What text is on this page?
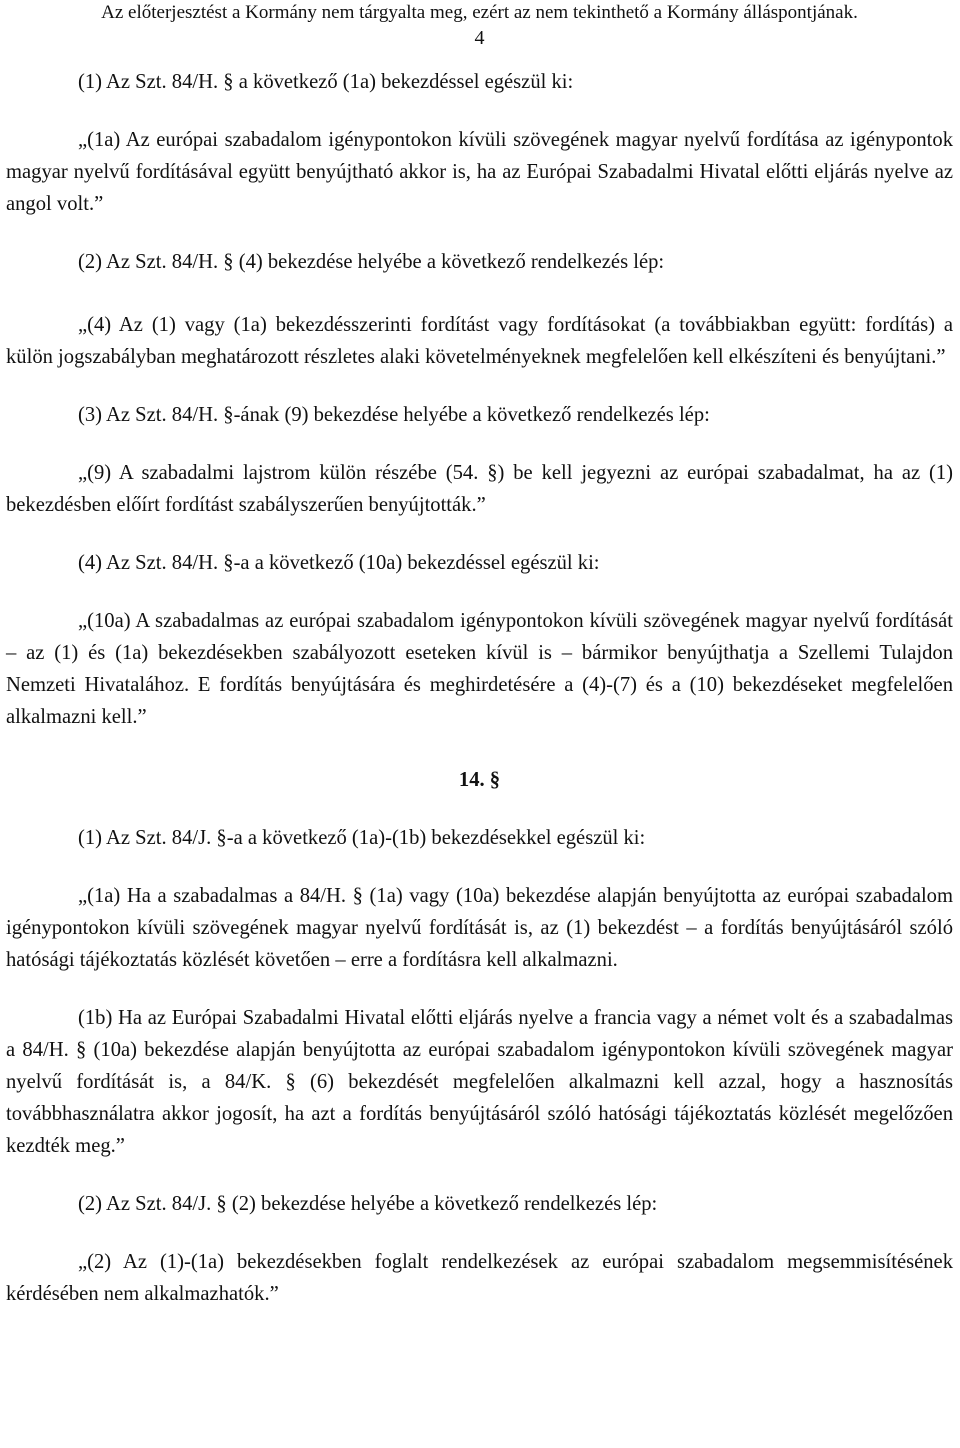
Az előterjesztést a Kormány nem tárgyalta meg, ezért az nem tekinthető a Kormány álláspontjának.
4

(1) Az Szt. 84/H. § a következő (1a) bekezdéssel egészül ki:

„(1a) Az európai szabadalom igénypontokon kívüli szövegének magyar nyelvű fordítása az igénypontok magyar nyelvű fordításával együtt benyújtható akkor is, ha az Európai Szabadalmi Hivatal előtti eljárás nyelve az angol volt.”

(2) Az Szt. 84/H. § (4) bekezdése helyébe a következő rendelkezés lép:

„(4) Az (1) vagy (1a) bekezdésszerinti fordítást vagy fordításokat (a továbbiakban együtt: fordítás) a külön jogszabályban meghatározott részletes alaki követelményeknek megfelelően kell elkészíteni és benyújtani.”

(3) Az Szt. 84/H. §-ának (9) bekezdése helyébe a következő rendelkezés lép:

„(9) A szabadalmi lajstrom külön részébe (54. §) be kell jegyezni az európai szabadalmat, ha az (1) bekezdésben előírt fordítást szabályszerűen benyújtották.”

(4) Az Szt. 84/H. §-a a következő (10a) bekezdéssel egészül ki:

„(10a) A szabadalmas az európai szabadalom igénypontokon kívüli szövegének magyar nyelvű fordítását – az (1) és (1a) bekezdésekben szabályozott eseteken kívül is – bármikor benyújthatja a Szellemi Tulajdon Nemzeti Hivatalához. E fordítás benyújtására és meghirdetésére a (4)-(7) és a (10) bekezdéseket megfelelően alkalmazni kell.”

14. §

(1) Az Szt. 84/J. §-a a következő (1a)-(1b) bekezdésekkel egészül ki:

„(1a) Ha a szabadalmas a 84/H. § (1a) vagy (10a) bekezdése alapján benyújtotta az európai szabadalom igénypontokon kívüli szövegének magyar nyelvű fordítását is, az (1) bekezdést – a fordítás benyújtásáról szóló hatósági tájékoztatás közlését követően – erre a fordításra kell alkalmazni.

(1b) Ha az Európai Szabadalmi Hivatal előtti eljárás nyelve a francia vagy a német volt és a szabadalmas a 84/H. § (10a) bekezdése alapján benyújtotta az európai szabadalom igénypontokon kívüli szövegének magyar nyelvű fordítását is, a 84/K. § (6) bekezdését megfelelően alkalmazni kell azzal, hogy a hasznosítás továbbhasználatra akkor jogosít, ha azt a fordítás benyújtásáról szóló hatósági tájékoztatás közlését megelőzően kezdték meg.”

(2) Az Szt. 84/J. § (2) bekezdése helyébe a következő rendelkezés lép:

„(2) Az (1)-(1a) bekezdésekben foglalt rendelkezések az európai szabadalom megsemmisítésének kérdésében nem alkalmazhatók.”
